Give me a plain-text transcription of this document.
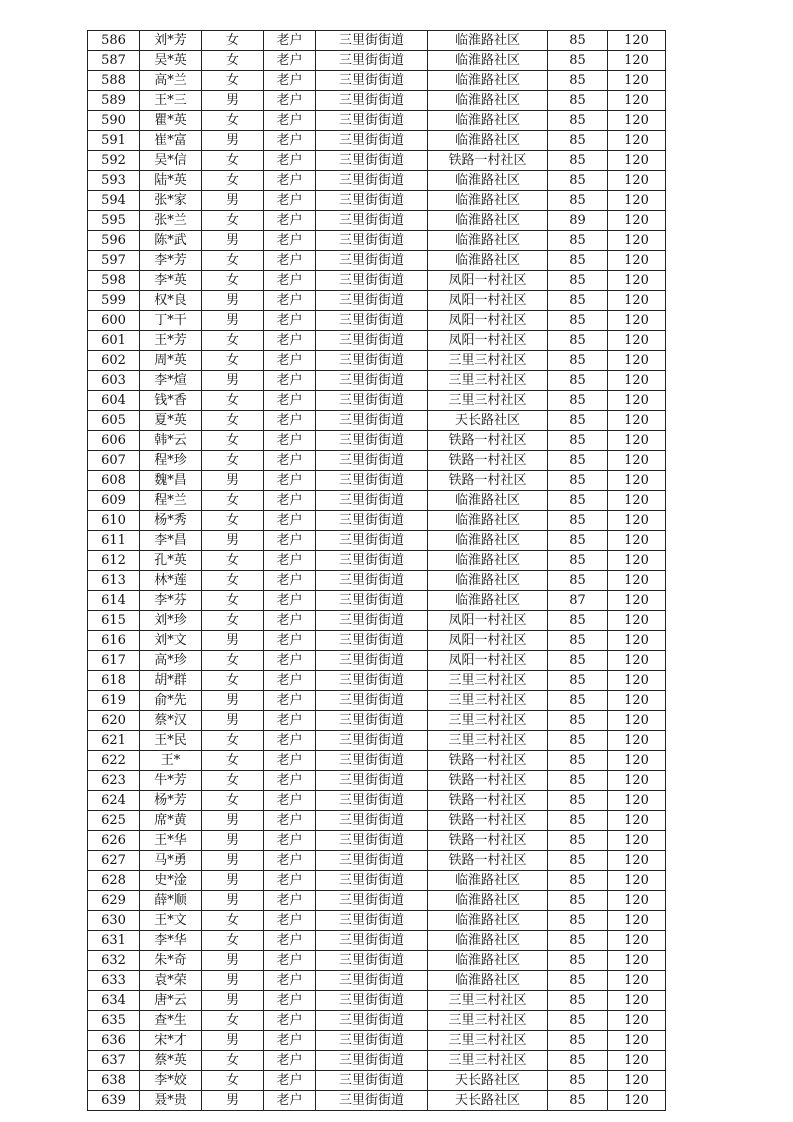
586	刘*芳	女	老户	三里街街道	临淮路社区	85	120
587	吴*英	女	老户	三里街街道	临淮路社区	85	120
588	高*兰	女	老户	三里街街道	临淮路社区	85	120
589	王*三	男	老户	三里街街道	临淮路社区	85	120
590	瞿*英	女	老户	三里街街道	临淮路社区	85	120
591	崔*富	男	老户	三里街街道	临淮路社区	85	120
592	吴*信	女	老户	三里街街道	铁路一村社区	85	120
593	陆*英	女	老户	三里街街道	临淮路社区	85	120
594	张*家	男	老户	三里街街道	临淮路社区	85	120
595	张*兰	女	老户	三里街街道	临淮路社区	89	120
596	陈*武	男	老户	三里街街道	临淮路社区	85	120
597	李*芳	女	老户	三里街街道	临淮路社区	85	120
598	李*英	女	老户	三里街街道	凤阳一村社区	85	120
599	权*良	男	老户	三里街街道	凤阳一村社区	85	120
600	丁*干	男	老户	三里街街道	凤阳一村社区	85	120
601	王*芳	女	老户	三里街街道	凤阳一村社区	85	120
602	周*英	女	老户	三里街街道	三里三村社区	85	120
603	李*煊	男	老户	三里街街道	三里三村社区	85	120
604	钱*香	女	老户	三里街街道	三里三村社区	85	120
605	夏*英	女	老户	三里街街道	天长路社区	85	120
606	韩*云	女	老户	三里街街道	铁路一村社区	85	120
607	程*珍	女	老户	三里街街道	铁路一村社区	85	120
608	魏*昌	男	老户	三里街街道	铁路一村社区	85	120
609	程*兰	女	老户	三里街街道	临淮路社区	85	120
610	杨*秀	女	老户	三里街街道	临淮路社区	85	120
611	李*昌	男	老户	三里街街道	临淮路社区	85	120
612	孔*英	女	老户	三里街街道	临淮路社区	85	120
613	林*莲	女	老户	三里街街道	临淮路社区	85	120
614	李*芬	女	老户	三里街街道	临淮路社区	87	120
615	刘*珍	女	老户	三里街街道	凤阳一村社区	85	120
616	刘*文	男	老户	三里街街道	凤阳一村社区	85	120
617	高*珍	女	老户	三里街街道	凤阳一村社区	85	120
618	胡*群	女	老户	三里街街道	三里三村社区	85	120
619	俞*先	男	老户	三里街街道	三里三村社区	85	120
620	蔡*汉	男	老户	三里街街道	三里三村社区	85	120
621	王*民	女	老户	三里街街道	三里三村社区	85	120
622	王*	女	老户	三里街街道	铁路一村社区	85	120
623	牛*芳	女	老户	三里街街道	铁路一村社区	85	120
624	杨*芳	女	老户	三里街街道	铁路一村社区	85	120
625	席*黄	男	老户	三里街街道	铁路一村社区	85	120
626	王*华	男	老户	三里街街道	铁路一村社区	85	120
627	马*勇	男	老户	三里街街道	铁路一村社区	85	120
628	史*淦	男	老户	三里街街道	临淮路社区	85	120
629	薛*顺	男	老户	三里街街道	临淮路社区	85	120
630	王*文	女	老户	三里街街道	临淮路社区	85	120
631	李*华	女	老户	三里街街道	临淮路社区	85	120
632	朱*奇	男	老户	三里街街道	临淮路社区	85	120
633	袁*荣	男	老户	三里街街道	临淮路社区	85	120
634	唐*云	男	老户	三里街街道	三里三村社区	85	120
635	查*生	女	老户	三里街街道	三里三村社区	85	120
636	宋*才	男	老户	三里街街道	三里三村社区	85	120
637	蔡*英	女	老户	三里街街道	三里三村社区	85	120
638	李*姣	女	老户	三里街街道	天长路社区	85	120
639	聂*贵	男	老户	三里街街道	天长路社区	85	120
